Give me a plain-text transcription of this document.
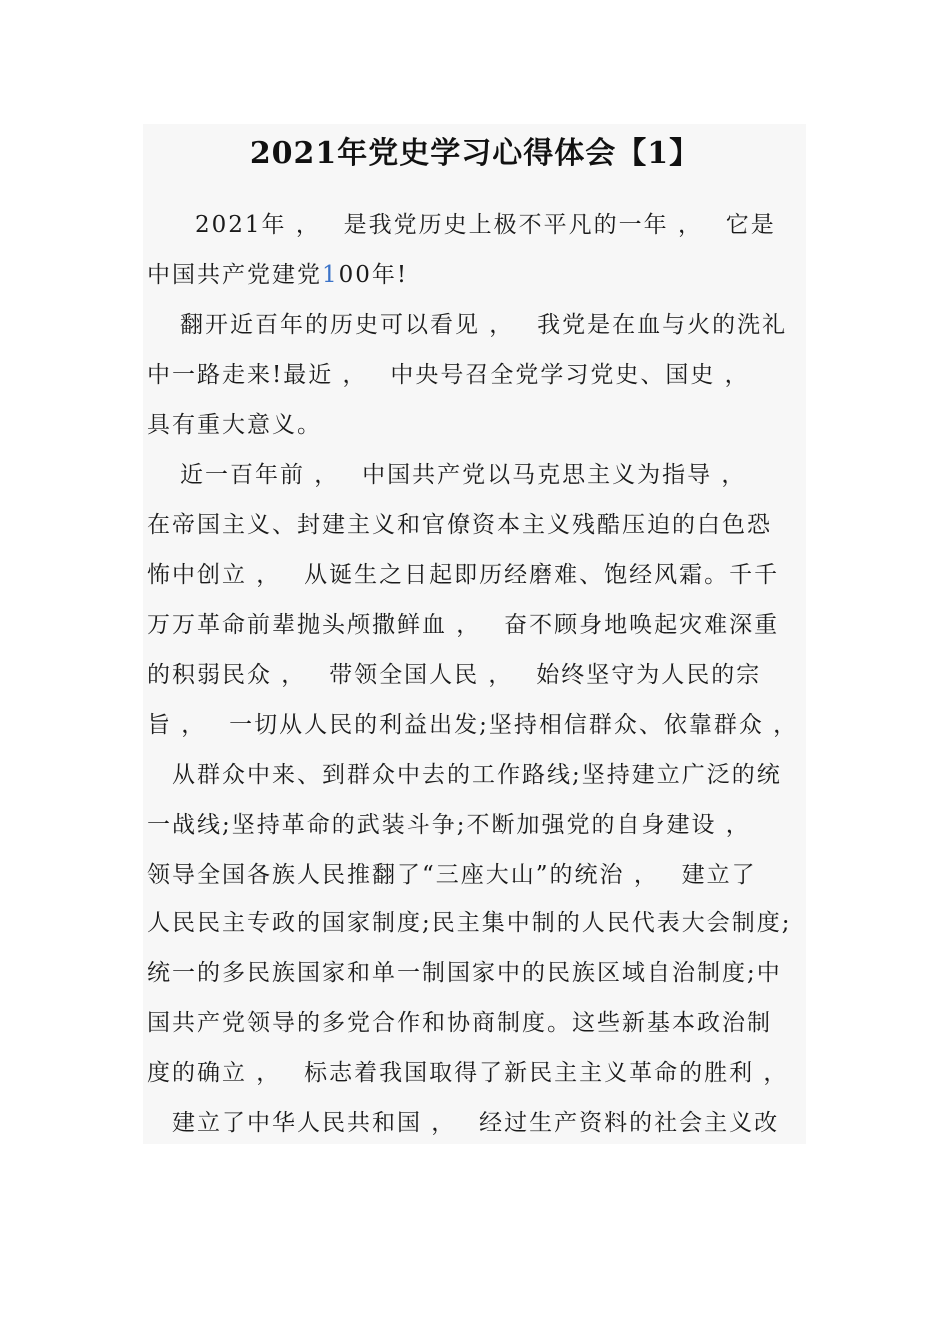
2021年党史学习心得体会【1】
2021年 ，　 是我党历史上极不平凡的一年 ，　 它是
中国共产党建党100年!
翻开近百年的历史可以看见 ，　 我党是在血与火的洗礼
中一路走来!最近 ，　 中央号召全党学习党史、国史 ，
具有重大意义。
近一百年前 ，　 中国共产党以马克思主义为指导 ，
在帝国主义、封建主义和官僚资本主义残酷压迫的白色恐
怖中创立 ，　 从诞生之日起即历经磨难、饱经风霜。千千
万万革命前辈抛头颅撒鲜血 ，　 奋不顾身地唤起灾难深重
的积弱民众 ，　 带领全国人民 ，　 始终坚守为人民的宗
旨 ，　 一切从人民的利益出发;坚持相信群众、依靠群众 ，
从群众中来、到群众中去的工作路线;坚持建立广泛的统
一战线;坚持革命的武装斗争;不断加强党的自身建设 ，
领导全国各族人民推翻了“三座大山”的统治 ，　 建立了
人民民主专政的国家制度;民主集中制的人民代表大会制度;
统一的多民族国家和单一制国家中的民族区域自治制度;中
国共产党领导的多党合作和协商制度。这些新基本政治制
度的确立 ，　 标志着我国取得了新民主主义革命的胜利 ，
建立了中华人民共和国 ，　 经过生产资料的社会主义改
